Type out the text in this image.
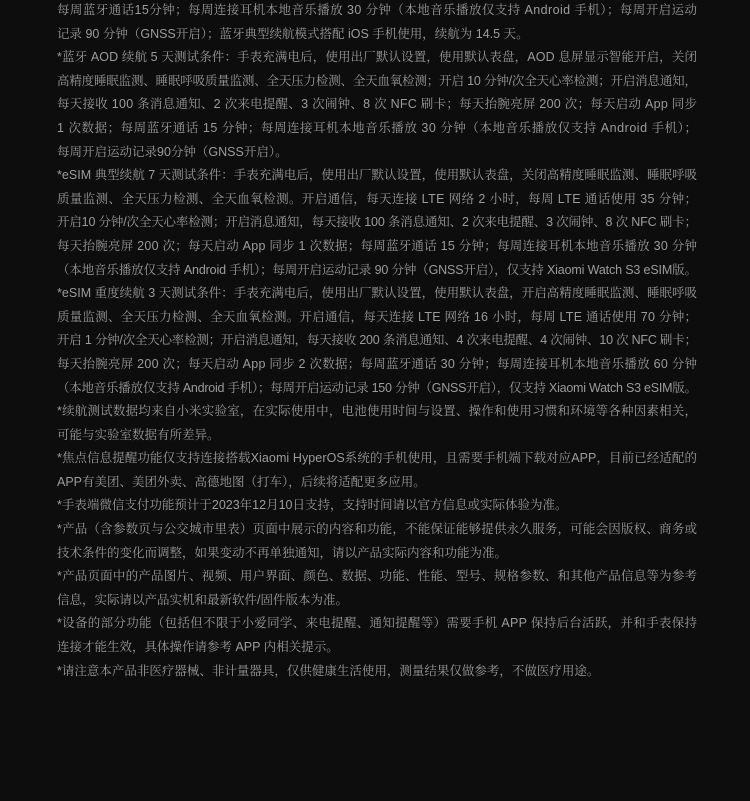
每周蓝牙通话15分钟；每周连接耳机本地音乐播放 30 分钟（本地音乐播放仅支持 Android 手机）；每周开启运动
记录 90 分钟（GNSS开启）；蓝牙典型续航模式搭配 iOS 手机使用，续航为 14.5 天。
*蓝牙 AOD 续航 5 天测试条件：手表充满电后，使用出厂默认设置，使用默认表盘，AOD 息屏显示智能开启，关闭
高精度睡眠监测、睡眠呼吸质量监测、全天压力检测、全天血氧检测；开启 10 分钟/次全天心率检测；开启消息通知，
每天接收 100 条消息通知、2 次来电提醒、3 次闹钟、8 次 NFC 刷卡；每天抬腕亮屏 200 次；每天启动 App 同步
1 次数据；每周蓝牙通话 15 分钟；每周连接耳机本地音乐播放 30 分钟（本地音乐播放仅支持 Android 手机）；
每周开启运动记录90分钟（GNSS开启）。
*eSIM 典型续航 7 天测试条件：手表充满电后，使用出厂默认设置，使用默认表盘，关闭高精度睡眠监测、睡眠呼吸
质量监测、全天压力检测、全天血氧检测。开启通信，每天连接 LTE 网络 2 小时，每周 LTE 通话使用 35 分钟；
开启10 分钟/次全天心率检测；开启消息通知，每天接收 100 条消息通知、2 次来电提醒、3 次闹钟、8 次 NFC 刷卡；
每天抬腕亮屏 200 次；每天启动 App 同步 1 次数据；每周蓝牙通话 15 分钟；每周连接耳机本地音乐播放 30 分钟
（本地音乐播放仅支持 Android 手机）；每周开启运动记录 90 分钟（GNSS开启），仅支持 Xiaomi Watch S3 eSIM版。
*eSIM 重度续航 3 天测试条件：手表充满电后，使用出厂默认设置，使用默认表盘，开启高精度睡眠监测、睡眠呼吸
质量监测、全天压力检测、全天血氧检测。开启通信，每天连接 LTE 网络 16 小时，每周 LTE 通话使用 70 分钟；
开启 1 分钟/次全天心率检测；开启消息通知，每天接收 200 条消息通知、4 次来电提醒、4 次闹钟、10 次 NFC 刷卡；
每天抬腕亮屏 200 次；每天启动 App 同步 2 次数据；每周蓝牙通话 30 分钟；每周连接耳机本地音乐播放 60 分钟
（本地音乐播放仅支持 Android 手机）；每周开启运动记录 150 分钟（GNSS开启），仅支持 Xiaomi Watch S3 eSIM版。
*续航测试数据均来自小米实验室，在实际使用中，电池使用时间与设置、操作和使用习惯和环境等各种因素相关，
可能与实验室数据有所差异。
*焦点信息提醒功能仅支持连接搭载Xiaomi HyperOS系统的手机使用，且需要手机端下载对应APP，目前已经适配的
APP有美团、美团外卖、高德地图（打车），后续将适配更多应用。
*手表端微信支付功能预计于2023年12月10日支持，支持时间请以官方信息或实际体验为准。
*产品（含参数页与公交城市里表）页面中展示的内容和功能，不能保证能够提供永久服务，可能会因版权、商务或
技术条件的变化而调整，如果变动不再单独通知，请以产品实际内容和功能为准。
*产品页面中的产品图片、视频、用户界面、颜色、数据、功能、性能、型号、规格参数、和其他产品信息等为参考
信息，实际请以产品实机和最新软件/固件版本为准。
*设备的部分功能（包括但不限于小爱同学、来电提醒、通知提醒等）需要手机 APP 保持后台活跃，并和手表保持
连接才能生效，具体操作请参考 APP 内相关提示。
*请注意本产品非医疗器械、非计量器具，仅供健康生活使用，测量结果仅做参考，不做医疗用途。
